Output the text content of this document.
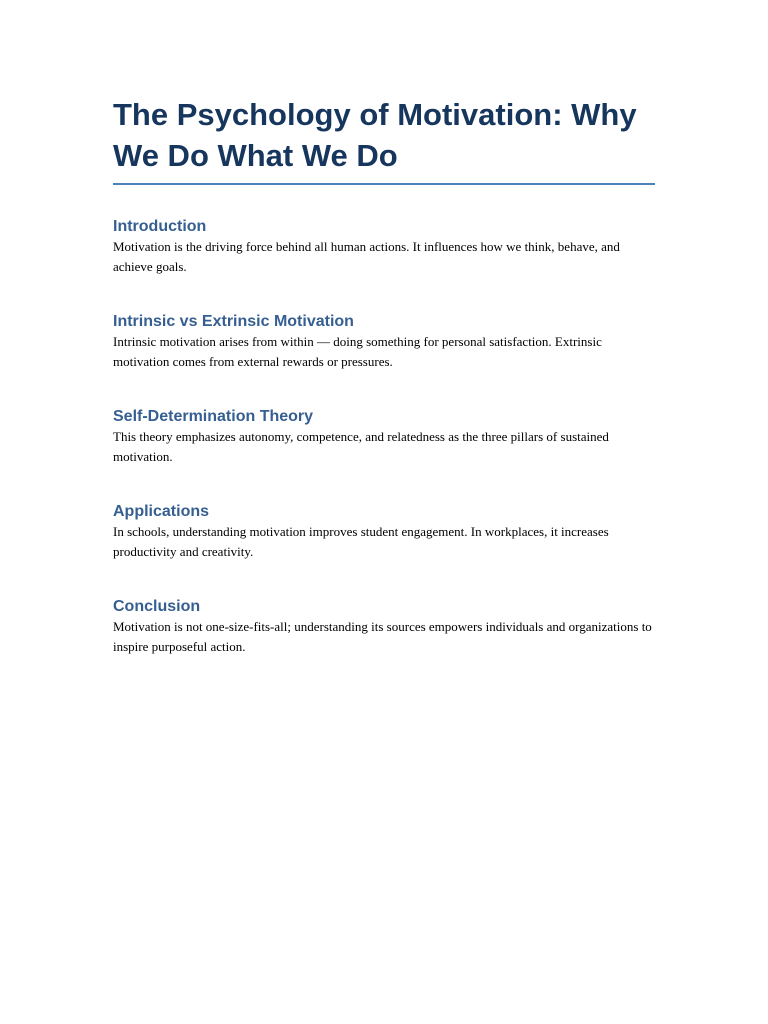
The Psychology of Motivation: Why We Do What We Do
Introduction

Motivation is the driving force behind all human actions. It influences how we think, behave, and achieve goals.

Intrinsic vs Extrinsic Motivation

Intrinsic motivation arises from within — doing something for personal satisfaction. Extrinsic motivation comes from external rewards or pressures.

Self-Determination Theory

This theory emphasizes autonomy, competence, and relatedness as the three pillars of sustained motivation.

Applications

In schools, understanding motivation improves student engagement. In workplaces, it increases productivity and creativity.

Conclusion

Motivation is not one-size-fits-all; understanding its sources empowers individuals and organizations to inspire purposeful action.
